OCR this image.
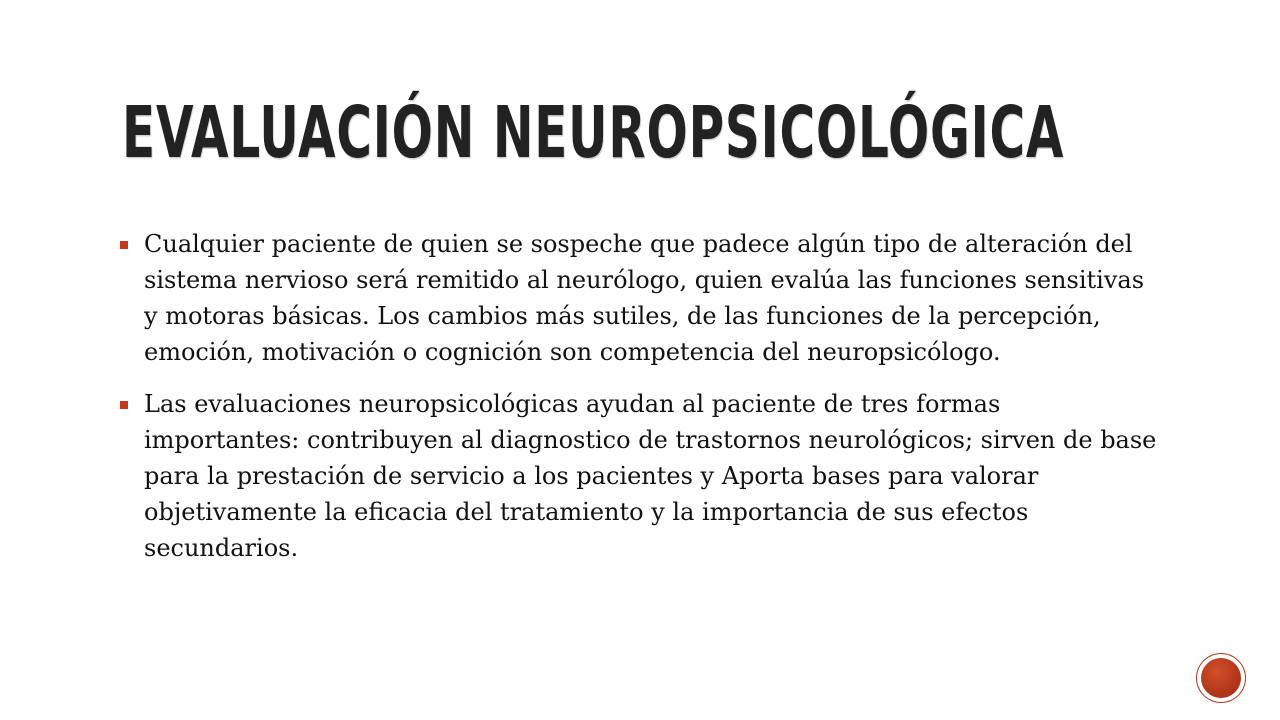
EVALUACIÓN NEUROPSICOLÓGICA
Cualquier paciente de quien se sospeche que padece algún tipo de alteración del sistema nervioso será remitido al neurólogo, quien evalúa las funciones sensitivas y motoras básicas. Los cambios más sutiles, de las funciones de la percepción, emoción, motivación o cognición son competencia del neuropsicólogo.
Las evaluaciones neuropsicológicas ayudan al paciente de tres formas importantes: contribuyen al diagnostico de trastornos neurológicos; sirven de base para la prestación de servicio a los pacientes y Aporta bases para valorar objetivamente la eficacia del tratamiento y la importancia de sus efectos secundarios.
